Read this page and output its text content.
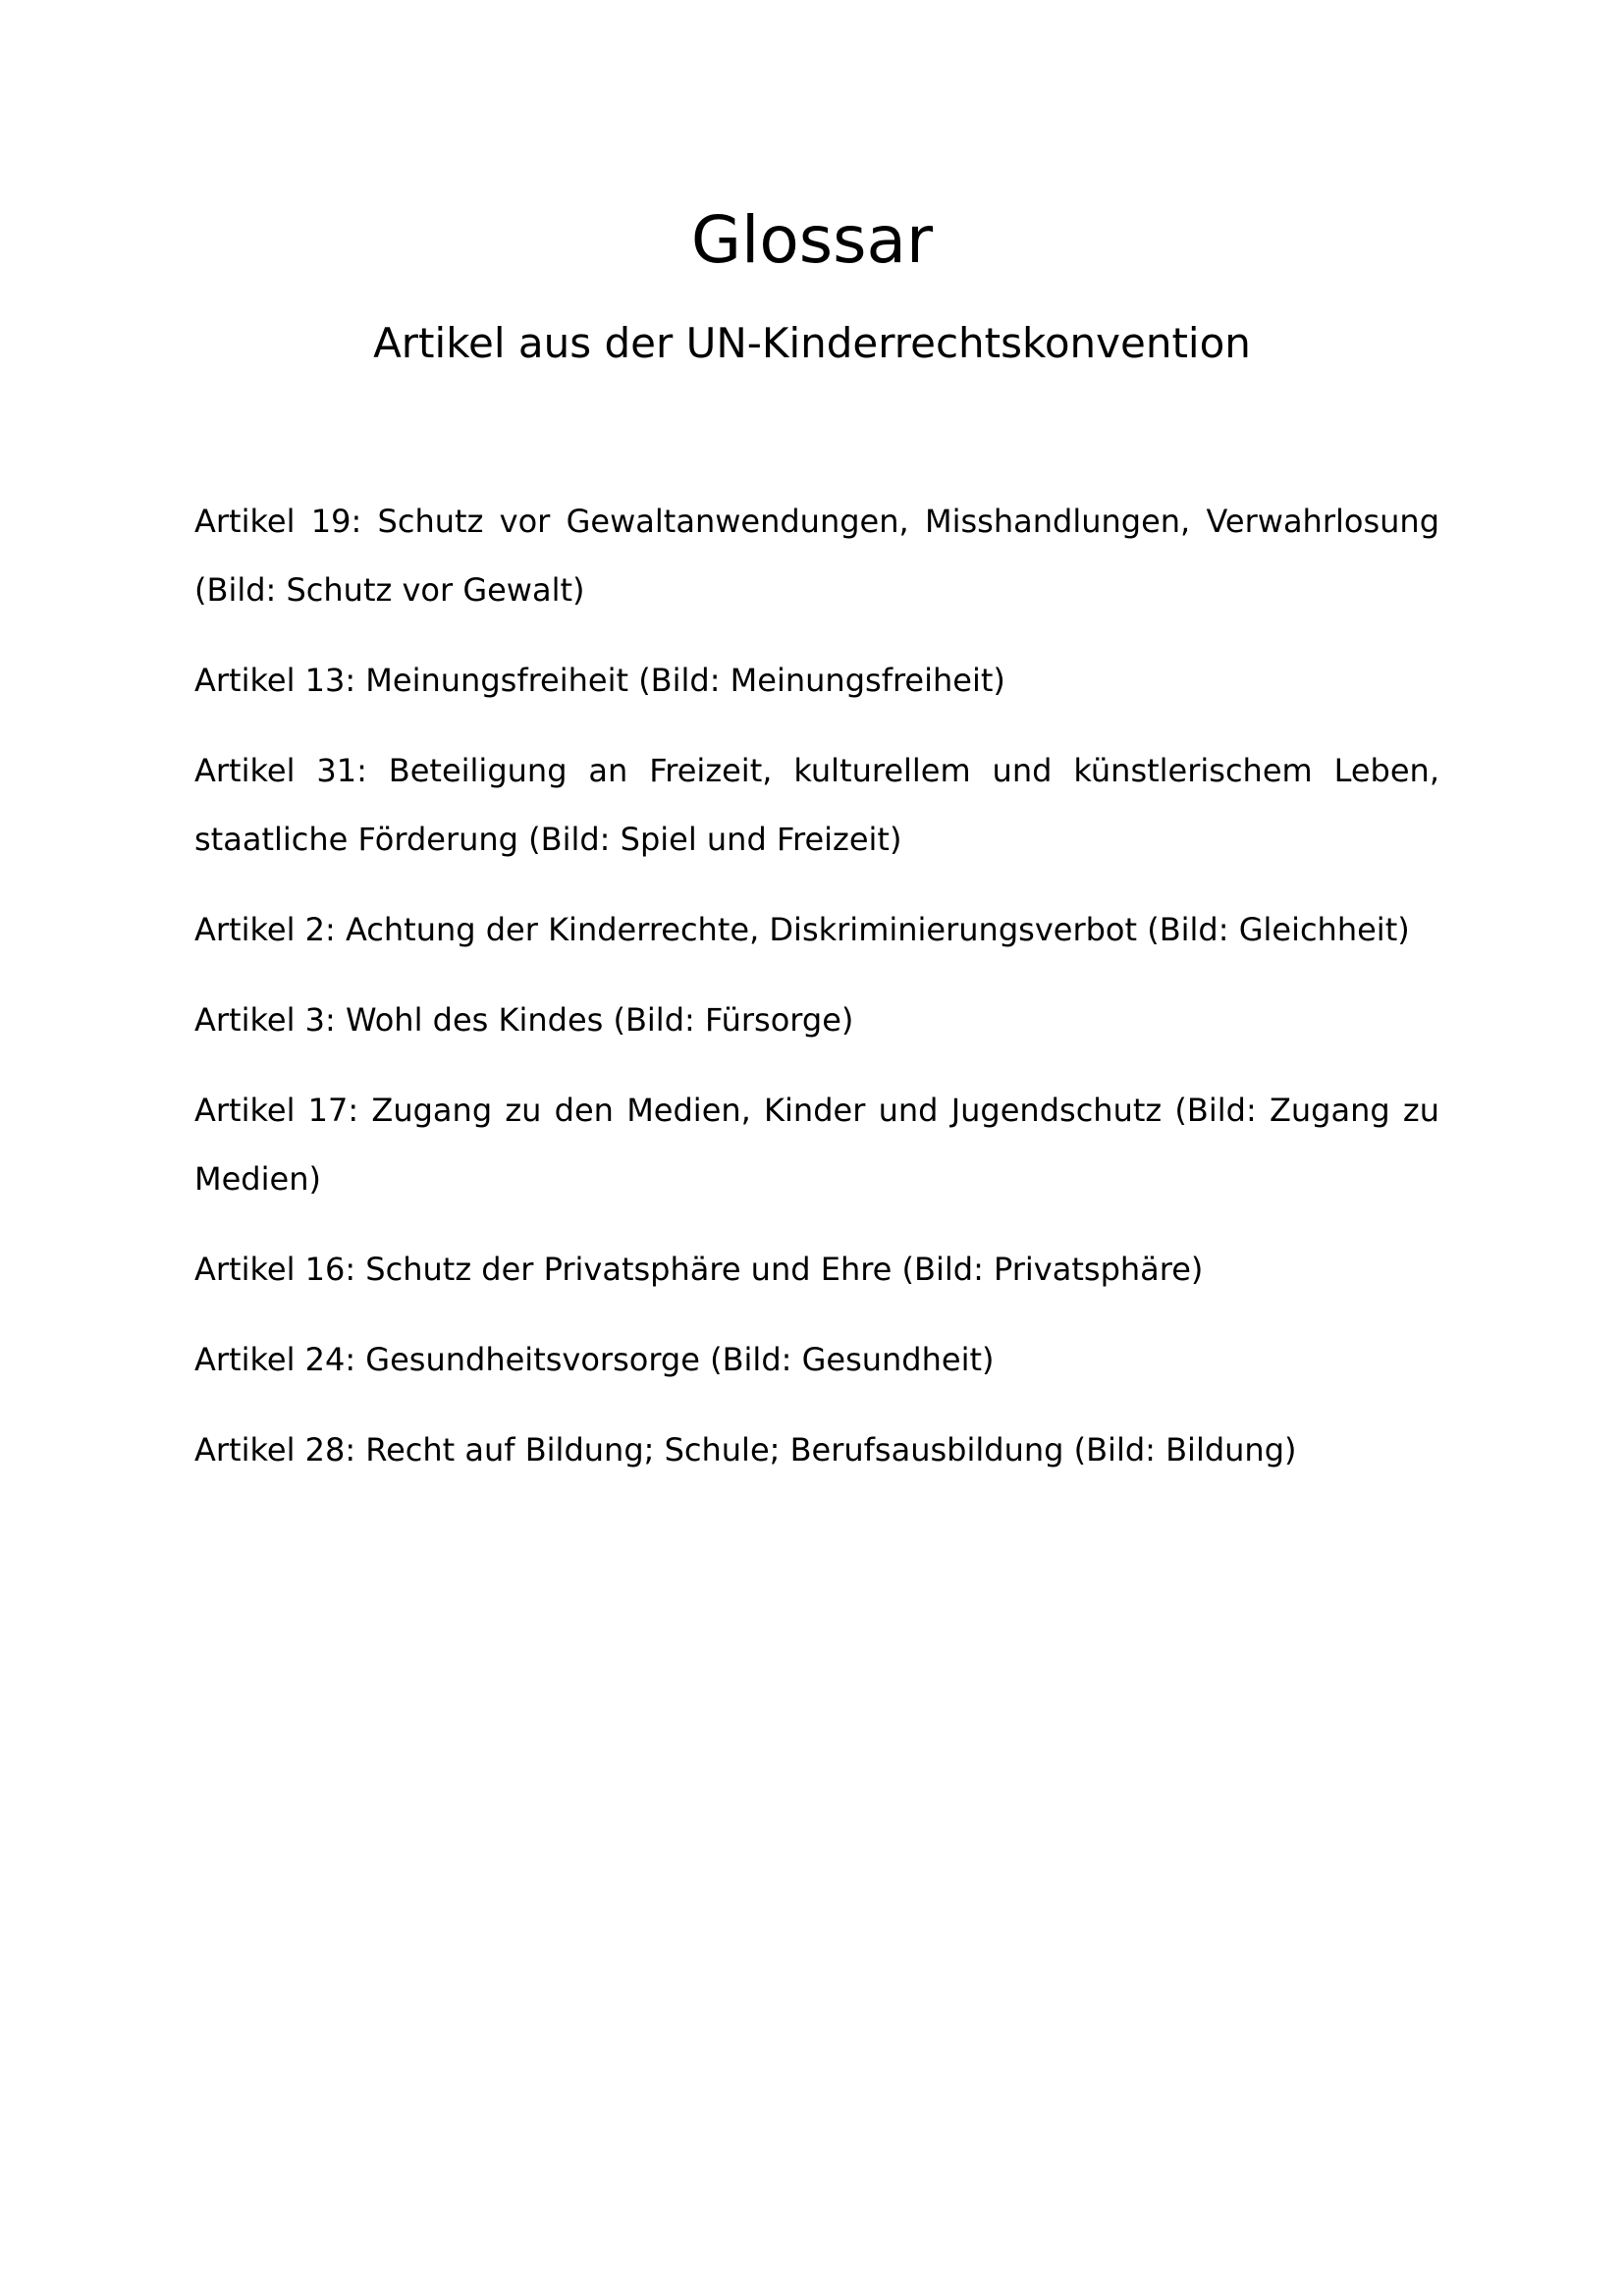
Glossar
Artikel aus der UN-Kinderrechtskonvention
Artikel 19: Schutz vor Gewaltanwendungen, Misshandlungen, Verwahrlosung (Bild: Schutz vor Gewalt)
Artikel 13: Meinungsfreiheit (Bild: Meinungsfreiheit)
Artikel 31: Beteiligung an Freizeit, kulturellem und künstlerischem Leben, staatliche Förderung (Bild: Spiel und Freizeit)
Artikel 2: Achtung der Kinderrechte, Diskriminierungsverbot (Bild: Gleichheit)
Artikel 3: Wohl des Kindes (Bild: Fürsorge)
Artikel 17: Zugang zu den Medien, Kinder und Jugendschutz (Bild: Zugang zu Medien)
Artikel 16: Schutz der Privatsphäre und Ehre (Bild: Privatsphäre)
Artikel 24: Gesundheitsvorsorge (Bild: Gesundheit)
Artikel 28: Recht auf Bildung; Schule; Berufsausbildung (Bild: Bildung)
